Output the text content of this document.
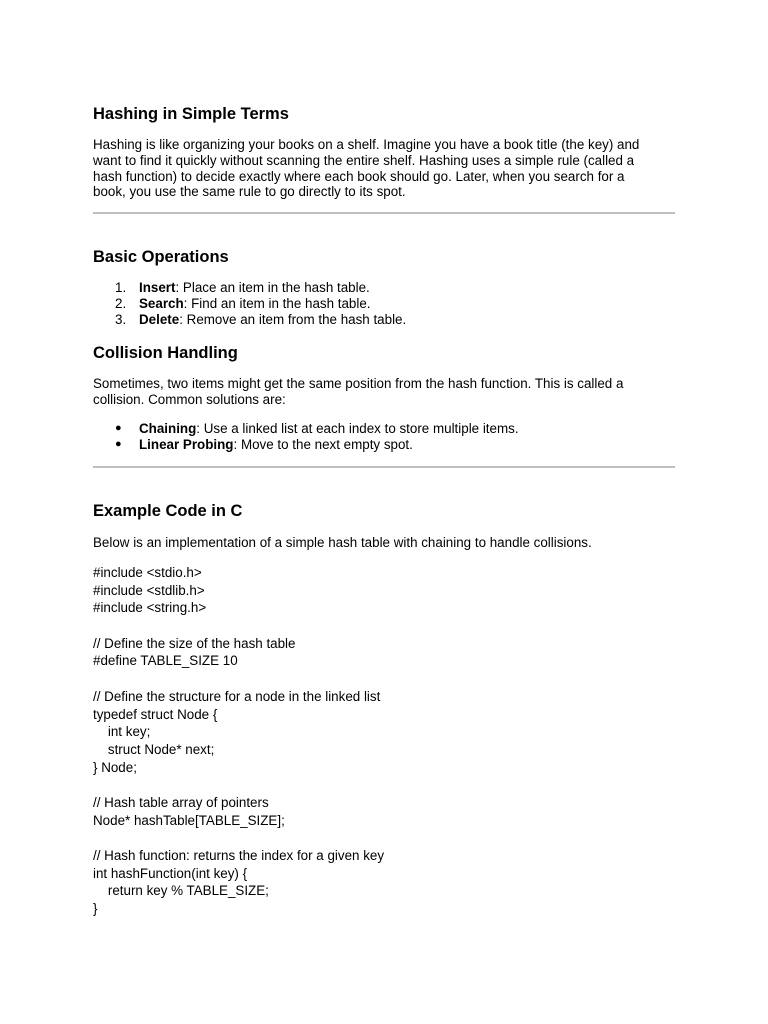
Hashing in Simple Terms

Hashing is like organizing your books on a shelf. Imagine you have a book title (the key) and

want to find it quickly without scanning the entire shelf. Hashing uses a simple rule (called a

hash function) to decide exactly where each book should go. Later, when you search for a

book, you use the same rule to go directly to its spot.

Basic Operations
1. Insert: Place an item in the hash table.
2. Search: Find an item in the hash table.
3. Delete: Remove an item from the hash table.
Collision Handling

Sometimes, two items might get the same position from the hash function. This is called a

collision. Common solutions are:

● Chaining: Use a linked list at each index to store multiple items.
● Linear Probing: Move to the next empty spot.
Example Code in C

Below is an implementation of a simple hash table with chaining to handle collisions.

#include <stdio.h>
#include <stdlib.h>
#include <string.h>
// Define the size of the hash table
#define TABLE_SIZE 10
// Define the structure for a node in the linked list
typedef struct Node {
int key;
struct Node* next;
} Node;
// Hash table array of pointers
Node* hashTable[TABLE_SIZE];
// Hash function: returns the index for a given key
int hashFunction(int key) {
return key % TABLE_SIZE;
}
